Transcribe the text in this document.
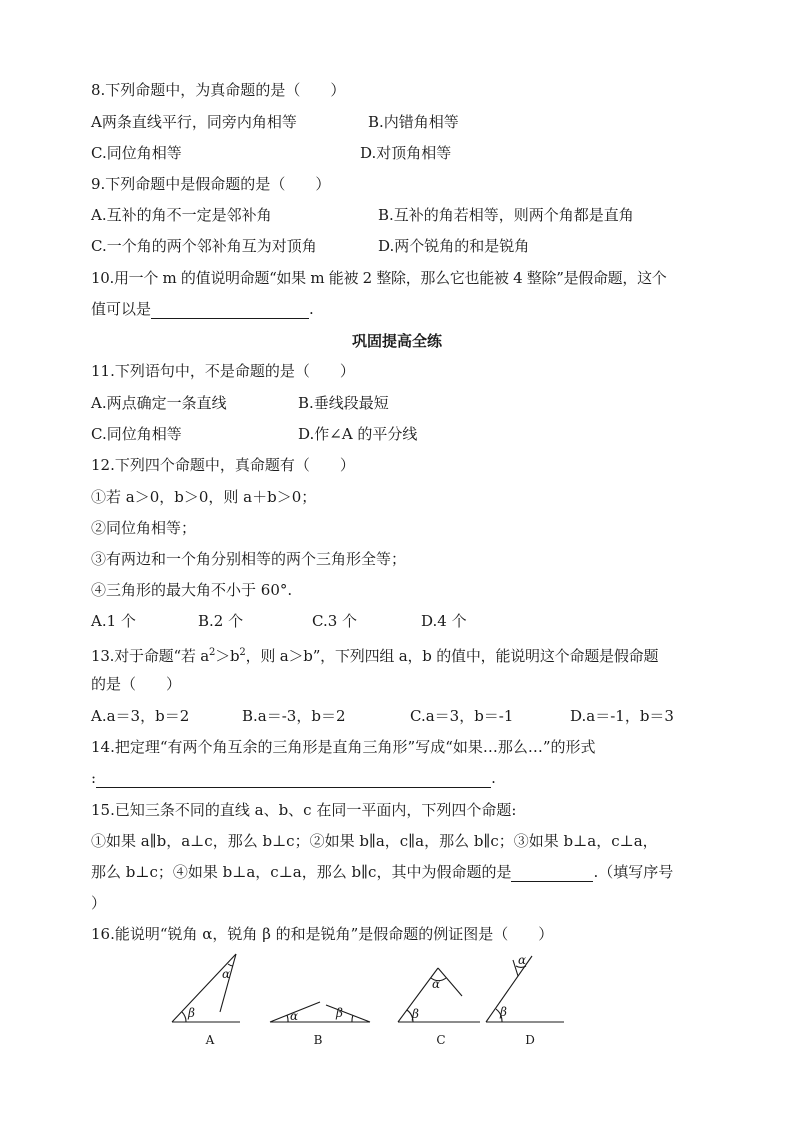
8.下列命题中，为真命题的是（　　）
A两条直线平行，同旁内角相等	B.内错角相等
C.同位角相等	D.对顶角相等
9.下列命题中是假命题的是（　　）
A.互补的角不一定是邻补角	B.互补的角若相等，则两个角都是直角
C.一个角的两个邻补角互为对顶角	D.两个锐角的和是锐角
10.用一个 m 的值说明命题“如果 m 能被 2 整除，那么它也能被 4 整除”是假命题，这个
值可以是	.
巩固提高全练
11.下列语句中，不是命题的是（　　）
A.两点确定一条直线	B.垂线段最短
C.同位角相等	D.作∠A 的平分线
12.下列四个命题中，真命题有（　　）
①若 a＞0，b＞0，则 a＋b＞0；
②同位角相等；
③有两边和一个角分别相等的两个三角形全等；
④三角形的最大角不小于 60°.
A.1 个	B.2 个	C.3 个	D.4 个
13.对于命题“若 $a^2>b^2$，则 a＞b”，下列四组 a，b 的值中，能说明这个命题是假命题
的是（　　）
A.a＝3，b＝2	B.a＝-3，b＝2	C.a＝3，b＝-1	D.a＝-1，b＝3
14.把定理“有两个角互余的三角形是直角三角形”写成“如果…那么…”的形式
:	.
15.已知三条不同的直线 a、b、c 在同一平面内，下列四个命题:
①如果 a∥b，a⊥c，那么 b⊥c；②如果 b∥a，c∥a，那么 b∥c；③如果 b⊥a，c⊥a，
那么 b⊥c；④如果 b⊥a，c⊥a，那么 b∥c，其中为假命题的是	.（填写序号
）
16.能说明“锐角 α，锐角 β 的和是锐角”是假命题的例证图是（　　）
α
β	α	β
α
β
α
β
A	B	C	D
